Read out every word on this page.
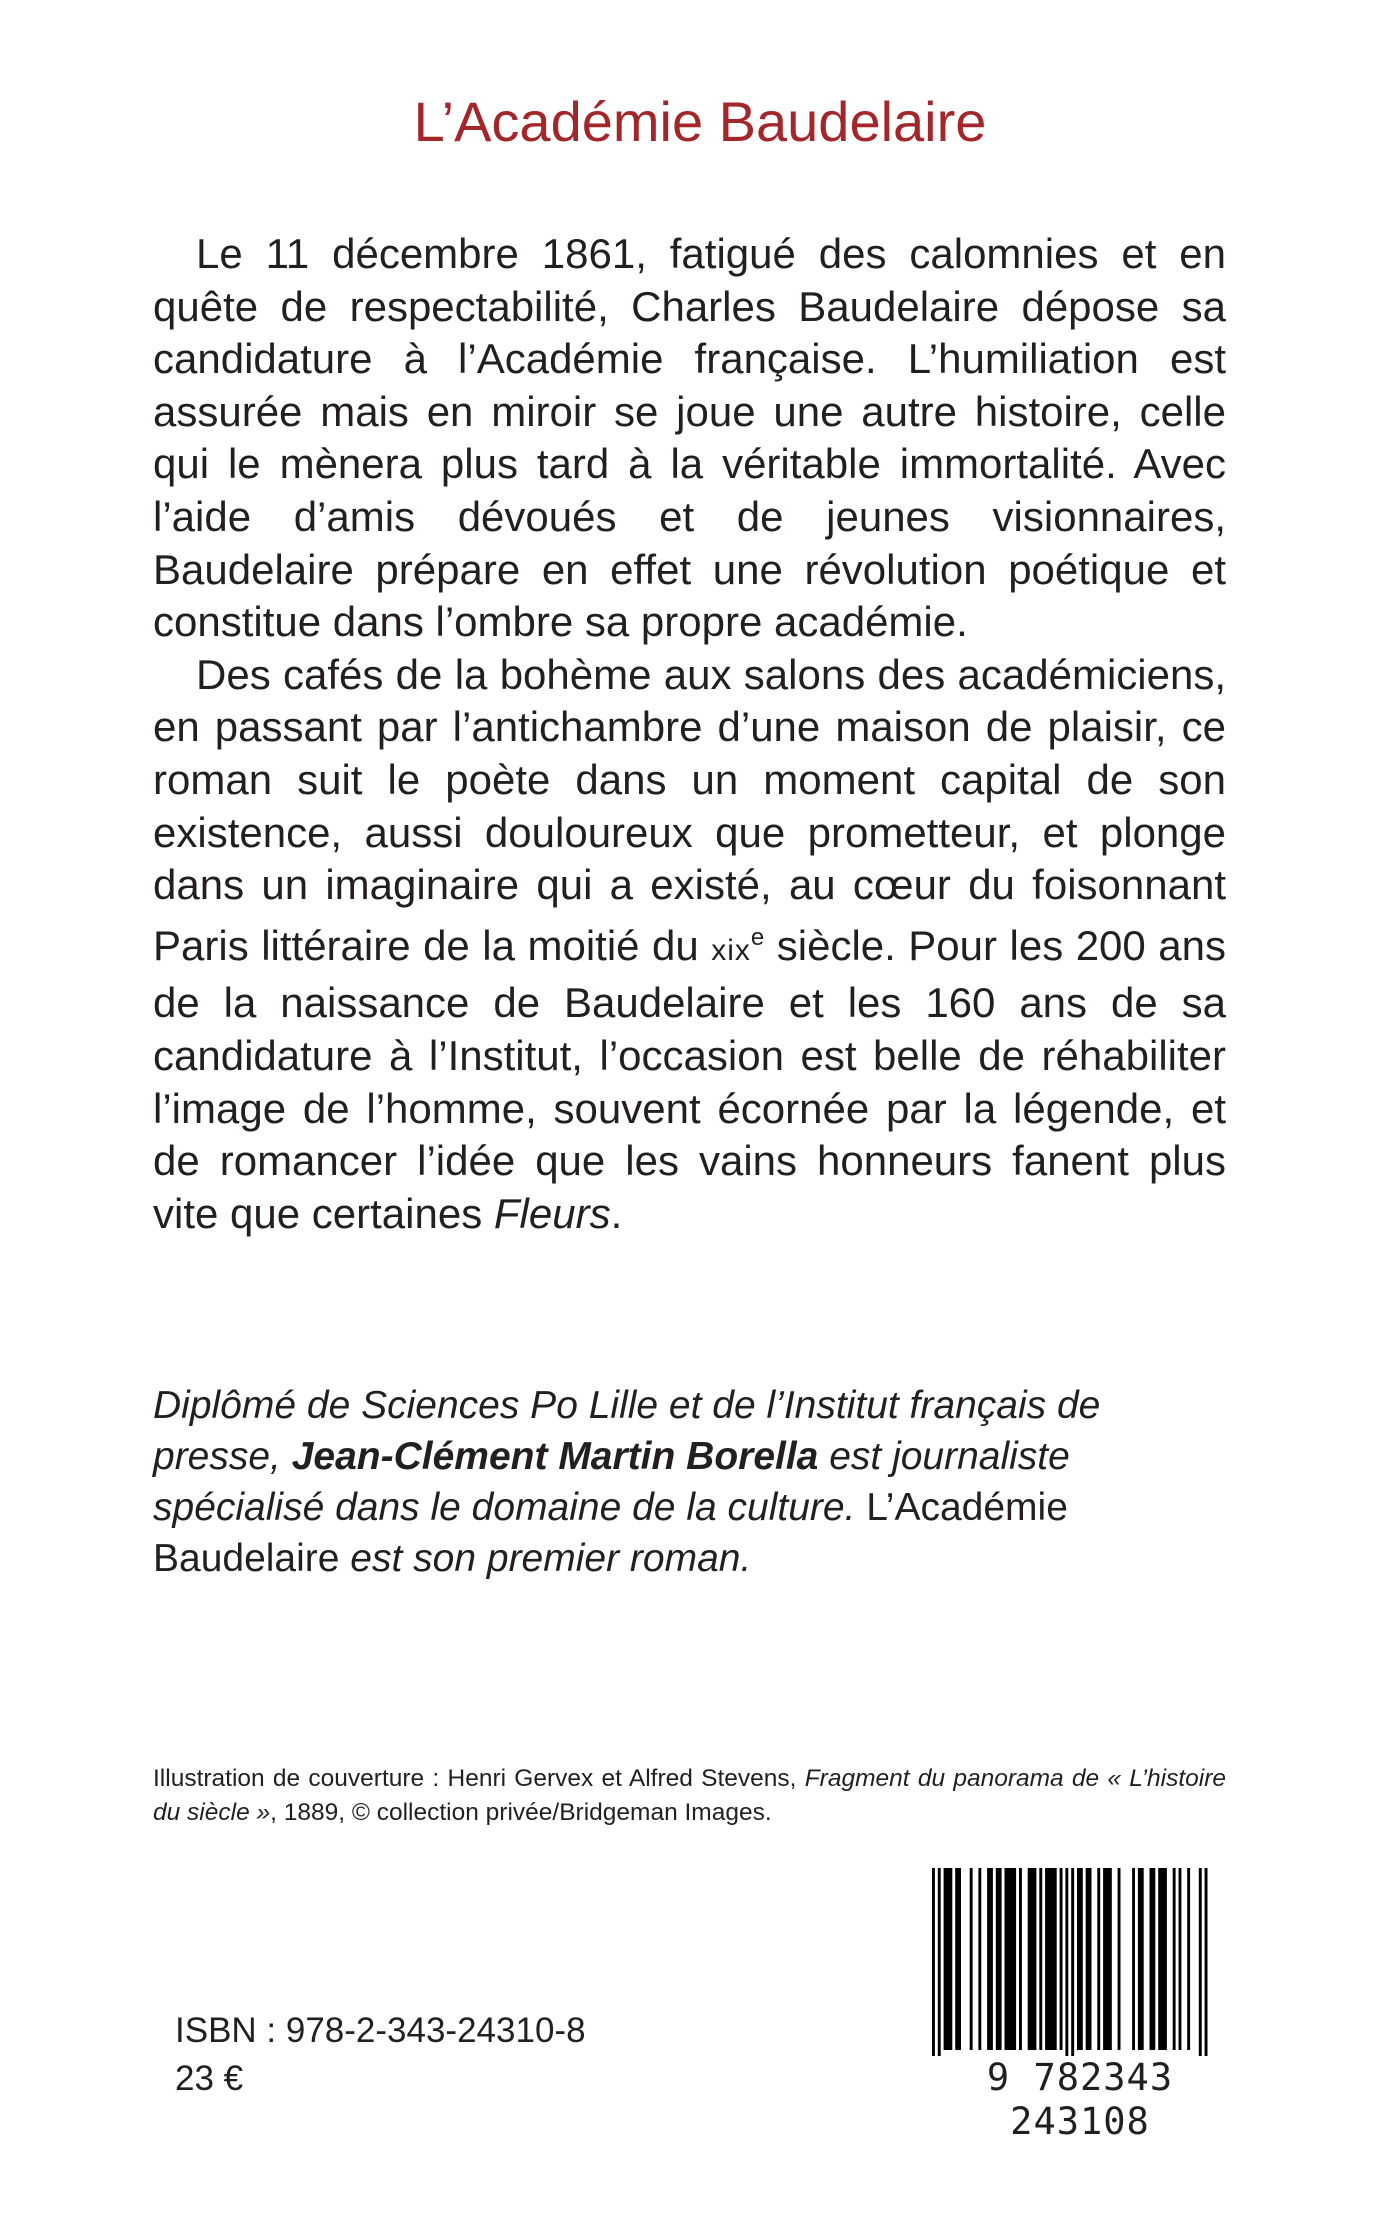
L’Académie Baudelaire

Le 11 décembre 1861, fatigué des calomnies et en quête de respectabilité, Charles Baudelaire dépose sa candidature à l’Académie française. L’humiliation est assurée mais en miroir se joue une autre histoire, celle qui le mènera plus tard à la véritable immortalité. Avec l’aide d’amis dévoués et de jeunes visionnaires, Baudelaire prépare en effet une révolution poétique et constitue dans l’ombre sa propre académie.

Des cafés de la bohème aux salons des académiciens, en passant par l’antichambre d’une maison de plaisir, ce roman suit le poète dans un moment capital de son existence, aussi douloureux que prometteur, et plonge dans un imaginaire qui a existé, au cœur du foisonnant Paris littéraire de la moitié du xix$^e$ siècle. Pour les 200 ans de la naissance de Baudelaire et les 160 ans de sa candidature à l’Institut, l’occasion est belle de réhabiliter l’image de l’homme, souvent écornée par la légende, et de romancer l’idée que les vains honneurs fanent plus vite que certaines Fleurs.

Diplômé de Sciences Po Lille et de l’Institut français de presse, Jean-Clément Martin Borella est journaliste spécialisé dans le domaine de la culture. L’Académie Baudelaire est son premier roman.

Illustration de couverture : Henri Gervex et Alfred Stevens, Fragment du panorama de « L’histoire du siècle », 1889, © collection privée/Bridgeman Images.

ISBN : 978-2-343-24310-8
23 €	9 782343 243108
